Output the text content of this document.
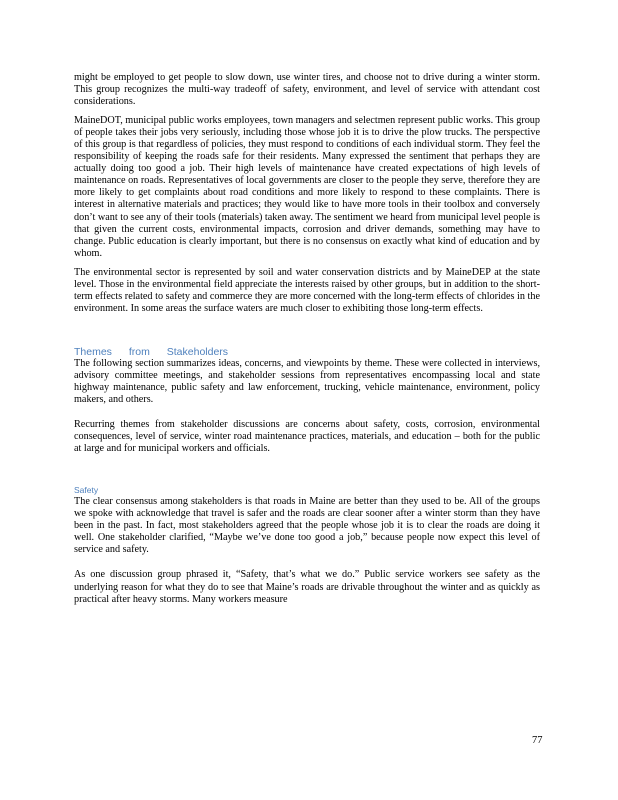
might be employed to get people to slow down, use winter tires, and choose not to drive during a winter storm. This group recognizes the multi-way tradeoff of safety, environment, and level of service with attendant cost considerations.

MaineDOT, municipal public works employees, town managers and selectmen represent public works. This group of people takes their jobs very seriously, including those whose job it is to drive the plow trucks. The perspective of this group is that regardless of policies, they must respond to conditions of each individual storm. They feel the responsibility of keeping the roads safe for their residents. Many expressed the sentiment that perhaps they are actually doing too good a job. Their high levels of maintenance have created expectations of high levels of maintenance on roads. Representatives of local governments are closer to the people they serve, therefore they are more likely to get complaints about road conditions and more likely to respond to these complaints. There is interest in alternative materials and practices; they would like to have more tools in their toolbox and conversely don’t want to see any of their tools (materials) taken away. The sentiment we heard from municipal level people is that given the current costs, environmental impacts, corrosion and driver demands, something may have to change. Public education is clearly important, but there is no consensus on exactly what kind of education and by whom.

The environmental sector is represented by soil and water conservation districts and by MaineDEP at the state level. Those in the environmental field appreciate the interests raised by other groups, but in addition to the short-term effects related to safety and commerce they are more concerned with the long-term effects of chlorides in the environment. In some areas the surface waters are much closer to exhibiting those long-term effects.

Themes from Stakeholders

The following section summarizes ideas, concerns, and viewpoints by theme. These were collected in interviews, advisory committee meetings, and stakeholder sessions from representatives encompassing local and state highway maintenance, public safety and law enforcement, trucking, vehicle maintenance, environment, policy makers, and others.

Recurring themes from stakeholder discussions are concerns about safety, costs, corrosion, environmental consequences, level of service, winter road maintenance practices, materials, and education – both for the public at large and for municipal workers and officials.

Safety

The clear consensus among stakeholders is that roads in Maine are better than they used to be. All of the groups we spoke with acknowledge that travel is safer and the roads are clear sooner after a winter storm than they have been in the past. In fact, most stakeholders agreed that the people whose job it is to clear the roads are doing it well. One stakeholder clarified, “Maybe we’ve done too good a job,” because people now expect this level of service and safety.

As one discussion group phrased it, “Safety, that’s what we do.” Public service workers see safety as the underlying reason for what they do to see that Maine’s roads are drivable throughout the winter and as quickly as practical after heavy storms. Many workers measure

77
